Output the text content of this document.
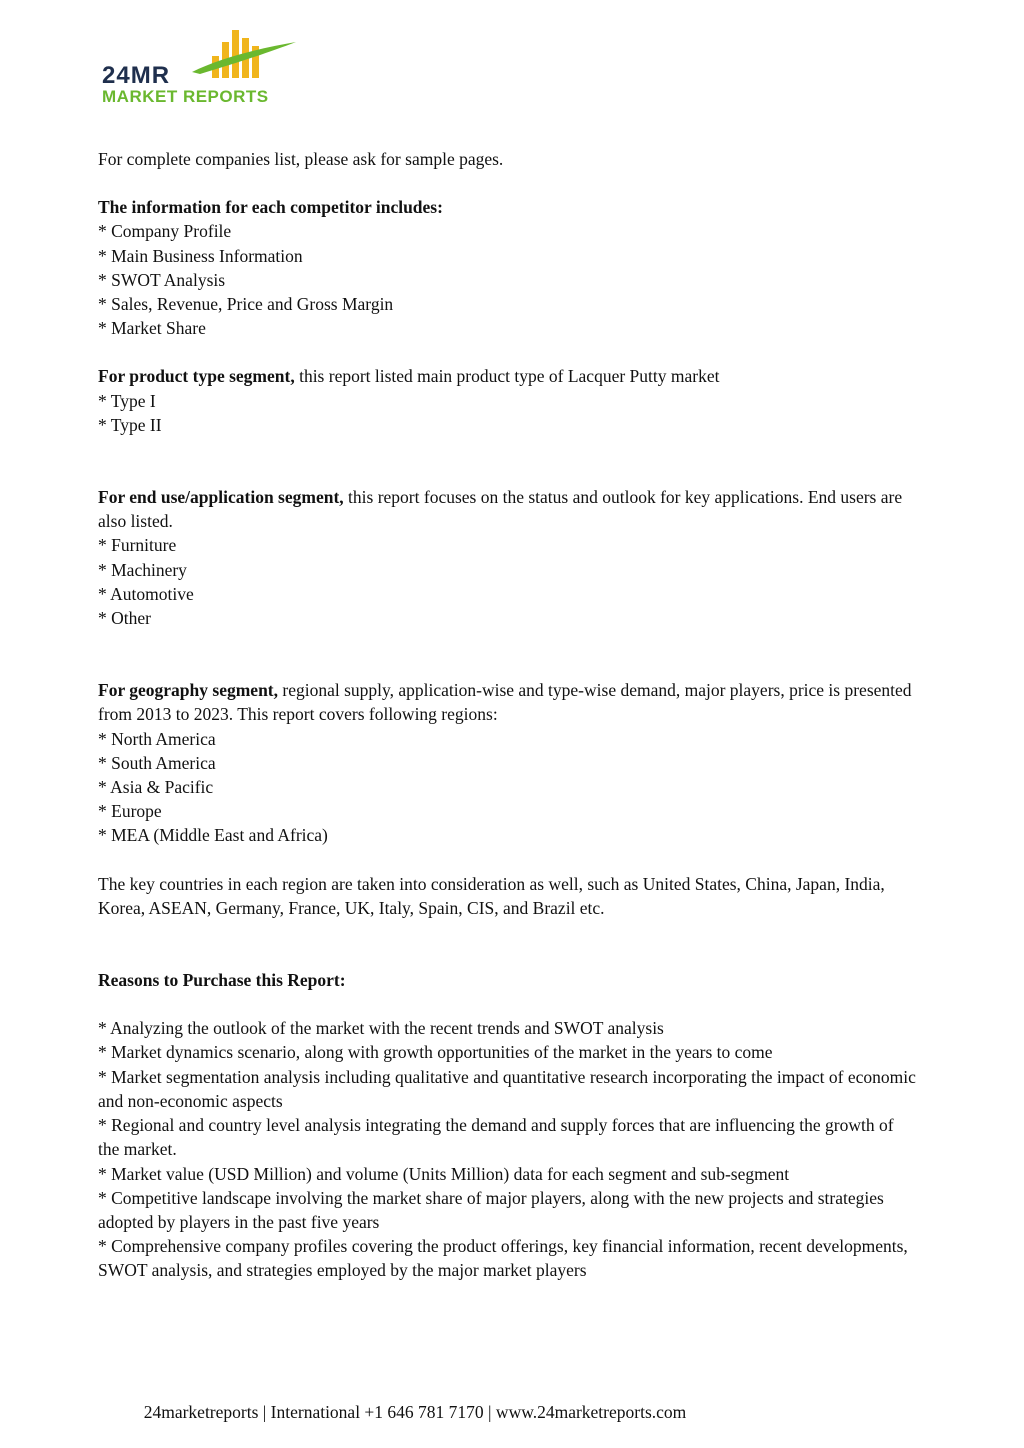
24MR
MARKET REPORTS

For complete companies list, please ask for sample pages.

The information for each competitor includes:

* Company Profile

* Main Business Information

* SWOT Analysis

* Sales, Revenue, Price and Gross Margin

* Market Share

For product type segment, this report listed main product type of Lacquer Putty market

* Type I

* Type II

For end use/application segment, this report focuses on the status and outlook for key applications. End users are also listed.

* Furniture

* Machinery

* Automotive

* Other

For geography segment, regional supply, application-wise and type-wise demand, major players, price is presented from 2013 to 2023. This report covers following regions:

* North America

* South America

* Asia & Pacific

* Europe

* MEA (Middle East and Africa)

The key countries in each region are taken into consideration as well, such as United States, China, Japan, India, Korea, ASEAN, Germany, France, UK, Italy, Spain, CIS, and Brazil etc.

Reasons to Purchase this Report:

* Analyzing the outlook of the market with the recent trends and SWOT analysis

* Market dynamics scenario, along with growth opportunities of the market in the years to come

* Market segmentation analysis including qualitative and quantitative research incorporating the impact of economic and non-economic aspects

* Regional and country level analysis integrating the demand and supply forces that are influencing the growth of the market.

* Market value (USD Million) and volume (Units Million) data for each segment and sub-segment

* Competitive landscape involving the market share of major players, along with the new projects and strategies adopted by players in the past five years

* Comprehensive company profiles covering the product offerings, key financial information, recent developments, SWOT analysis, and strategies employed by the major market players

24marketreports | International +1 646 781 7170 | www.24marketreports.com
